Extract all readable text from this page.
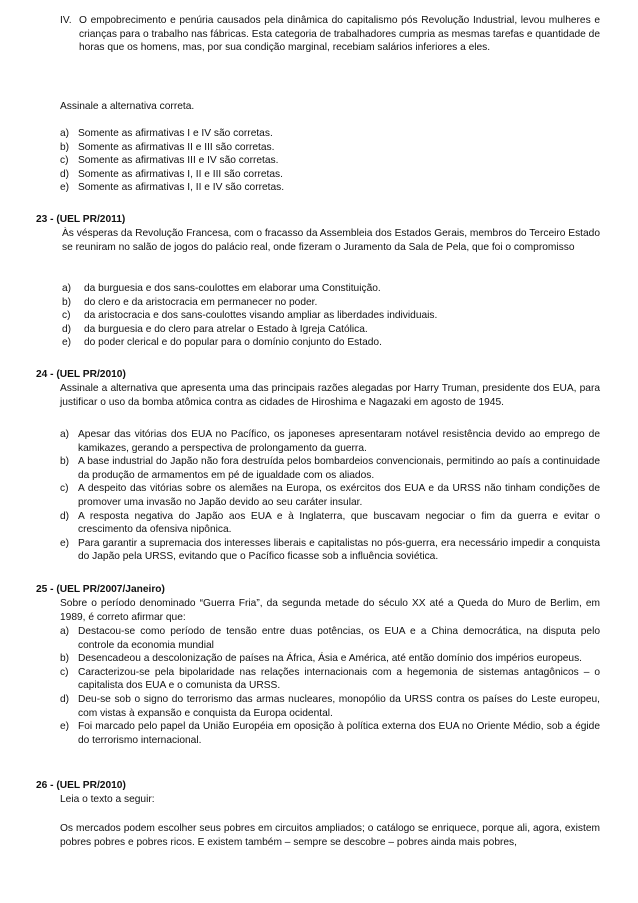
IV. O empobrecimento e penúria causados pela dinâmica do capitalismo pós Revolução Industrial, levou mulheres e crianças para o trabalho nas fábricas. Esta categoria de trabalhadores cumpria as mesmas tarefas e quantidade de horas que os homens, mas, por sua condição marginal, recebiam salários inferiores a eles.

Assinale a alternativa correta.

a) Somente as afirmativas I e IV são corretas.
b) Somente as afirmativas II e III são corretas.
c) Somente as afirmativas III e IV são corretas.
d) Somente as afirmativas I, II e III são corretas.
e) Somente as afirmativas I, II e IV são corretas.
23 - (UEL PR/2011)

Às vésperas da Revolução Francesa, com o fracasso da Assembleia dos Estados Gerais, membros do Terceiro Estado se reuniram no salão de jogos do palácio real, onde fizeram o Juramento da Sala de Pela, que foi o compromisso

a)	da burguesia e dos sans-coulottes em elaborar uma Constituição.
b)	do clero e da aristocracia em permanecer no poder.
c)	da aristocracia e dos sans-coulottes visando ampliar as liberdades individuais.
d)	da burguesia e do clero para atrelar o Estado à Igreja Católica.
e)	do poder clerical e do popular para o domínio conjunto do Estado.
24 - (UEL PR/2010)

Assinale a alternativa que apresenta uma das principais razões alegadas por Harry Truman, presidente dos EUA, para justificar o uso da bomba atômica contra as cidades de Hiroshima e Nagazaki em agosto de 1945.

a) Apesar das vitórias dos EUA no Pacífico, os japoneses apresentaram notável resistência devido ao emprego de kamikazes, gerando a perspectiva de prolongamento da guerra.
b) A base industrial do Japão não fora destruída pelos bombardeios convencionais, permitindo ao país a continuidade da produção de armamentos em pé de igualdade com os aliados.
c) A despeito das vitórias sobre os alemães na Europa, os exércitos dos EUA e da URSS não tinham condições de promover uma invasão no Japão devido ao seu caráter insular.
d) A resposta negativa do Japão aos EUA e à Inglaterra, que buscavam negociar o fim da guerra e evitar o crescimento da ofensiva nipônica.
e) Para garantir a supremacia dos interesses liberais e capitalistas no pós-guerra, era necessário impedir a conquista do Japão pela URSS, evitando que o Pacífico ficasse sob a influência soviética.
25 - (UEL PR/2007/Janeiro)

Sobre o período denominado “Guerra Fria”, da segunda metade do século XX até a Queda do Muro de Berlim, em 1989, é correto afirmar que:

a) Destacou-se como período de tensão entre duas potências, os EUA e a China democrática, na disputa pelo controle da economia mundial
b) Desencadeou a descolonização de países na África, Ásia e América, até então domínio dos impérios europeus.
c) Caracterizou-se pela bipolaridade nas relações internacionais com a hegemonia de sistemas antagônicos – o capitalista dos EUA e o comunista da URSS.
d) Deu-se sob o signo do terrorismo das armas nucleares, monopólio da URSS contra os países do Leste europeu, com vistas à expansão e conquista da Europa ocidental.
e) Foi marcado pelo papel da União Européia em oposição à política externa dos EUA no Oriente Médio, sob a égide do terrorismo internacional.
26 - (UEL PR/2010)

Leia o texto a seguir:

Os mercados podem escolher seus pobres em circuitos ampliados; o catálogo se enriquece, porque ali, agora, existem pobres pobres e pobres ricos. E existem também – sempre se descobre – pobres ainda mais pobres,
